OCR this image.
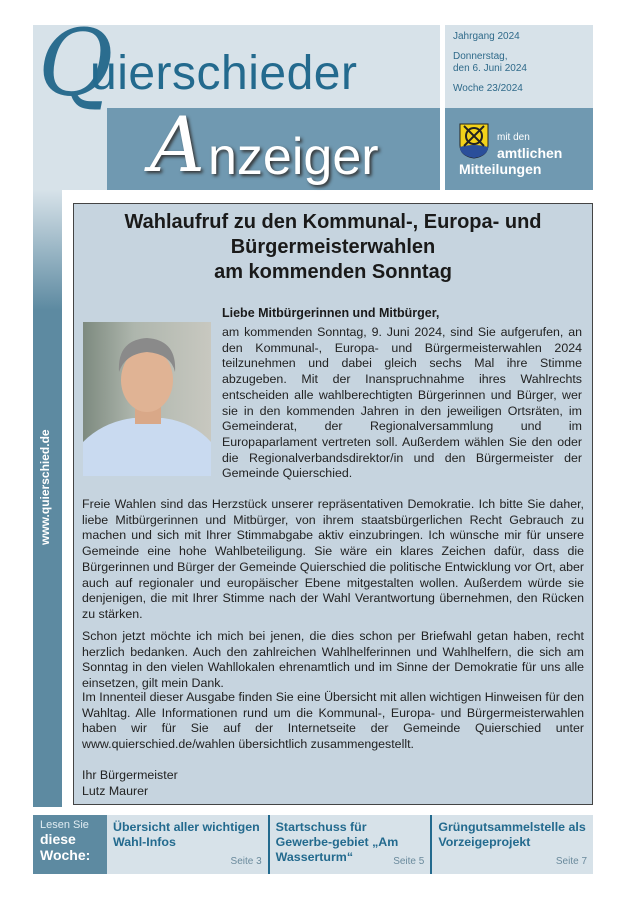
Q
uierschieder
A nzeiger
Jahrgang 2024
Donnerstag,
den 6. Juni 2024
Woche 23/2024
mit den
amtlichen
Mitteilungen
www.quierschied.de
Wahlaufruf zu den Kommunal-, Europa- und
Bürgermeisterwahlen
am kommenden Sonntag
Liebe Mitbürgerinnen und Mitbürger,
am kommenden Sonntag, 9. Juni 2024, sind Sie aufgerufen, an den Kommunal-, Europa- und Bürgermeisterwahlen 2024 teilzunehmen und dabei gleich sechs Mal ihre Stimme abzugeben. Mit der Inanspruchnahme ihres Wahlrechts entscheiden alle wahlberechtigten Bürgerinnen und Bürger, wer sie in den kommenden Jahren in den jeweiligen Ortsräten, im Gemeinderat, der Regionalversammlung und im Europaparlament vertreten soll. Außerdem wählen Sie den oder die Regionalverbandsdirektor/in und den Bürgermeister der Gemeinde Quierschied.
Freie Wahlen sind das Herzstück unserer repräsentativen Demokratie. Ich bitte Sie daher, liebe Mitbürgerinnen und Mitbürger, von ihrem staatsbürgerlichen Recht Gebrauch zu machen und sich mit Ihrer Stimmabgabe aktiv einzubringen. Ich wünsche mir für unsere Gemeinde eine hohe Wahlbeteiligung. Sie wäre ein klares Zeichen dafür, dass die Bürgerinnen und Bürger der Gemeinde Quierschied die politische Entwicklung vor Ort, aber auch auf regionaler und europäischer Ebene mitgestalten wollen. Außerdem würde sie denjenigen, die mit Ihrer Stimme nach der Wahl Verantwortung übernehmen, den Rücken zu stärken.
Schon jetzt möchte ich mich bei jenen, die dies schon per Briefwahl getan haben, recht herzlich bedanken. Auch den zahlreichen Wahlhelferinnen und Wahlhelfern, die sich am Sonntag in den vielen Wahllokalen ehrenamtlich und im Sinne der Demokratie für uns alle einsetzen, gilt mein Dank.
Im Innenteil dieser Ausgabe finden Sie eine Übersicht mit allen wichtigen Hinweisen für den Wahltag. Alle Informationen rund um die Kommunal-, Europa- und Bürgermeisterwahlen haben wir für Sie auf der Internetseite der Gemeinde Quierschied unter www.quierschied.de/wahlen übersichtlich zusammengestellt.
Ihr Bürgermeister
Lutz Maurer
Lesen Sie
diese
Woche:
Übersicht aller wichtigen Wahl-Infos
Seite 3
Startschuss für Gewerbe-gebiet „Am Wasserturm“	Seite 5
Grüngutsammelstelle als Vorzeigeprojekt
Seite 7
